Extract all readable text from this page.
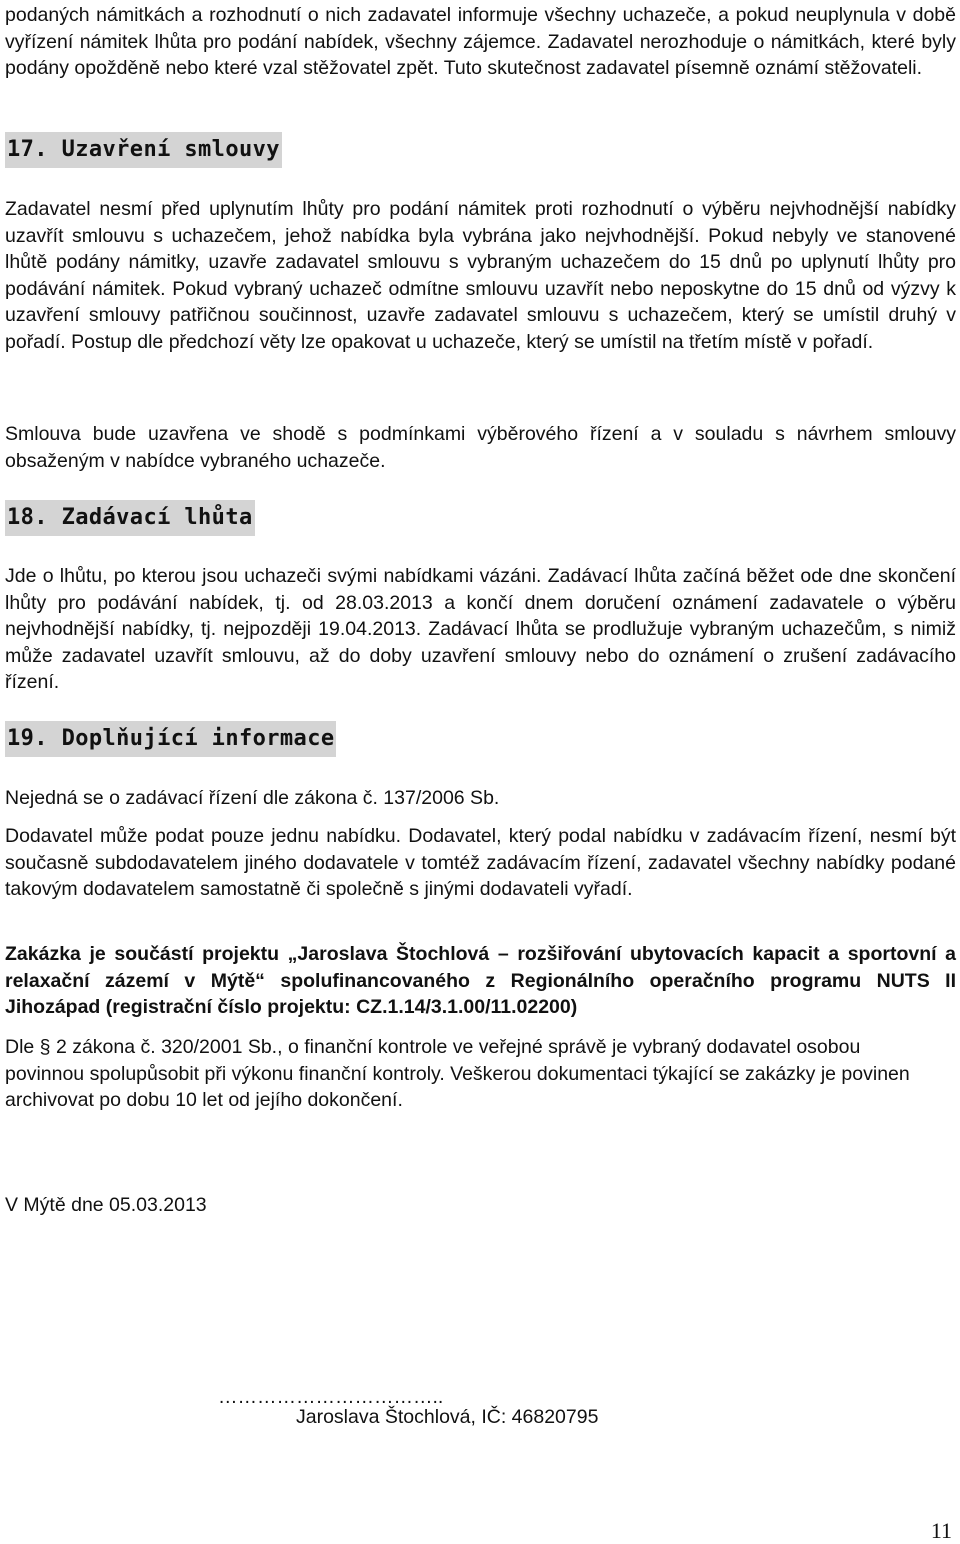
podaných námitkách a rozhodnutí o nich zadavatel informuje všechny uchazeče, a pokud neuplynula v době vyřízení námitek lhůta pro podání nabídek, všechny zájemce. Zadavatel nerozhoduje o námitkách, které byly podány opožděně nebo které vzal stěžovatel zpět. Tuto skutečnost zadavatel písemně oznámí stěžovateli.

17. Uzavření smlouvy

Zadavatel nesmí před uplynutím lhůty pro podání námitek proti rozhodnutí o výběru nejvhodnější nabídky uzavřít smlouvu s uchazečem, jehož nabídka byla vybrána jako nejvhodnější. Pokud nebyly ve stanovené lhůtě podány námitky, uzavře zadavatel smlouvu s vybraným uchazečem do 15 dnů po uplynutí lhůty pro podávání námitek. Pokud vybraný uchazeč odmítne smlouvu uzavřít nebo neposkytne do 15 dnů od výzvy k uzavření smlouvy patřičnou součinnost, uzavře zadavatel smlouvu s uchazečem, který se umístil druhý v pořadí. Postup dle předchozí věty lze opakovat u uchazeče, který se umístil na třetím místě v pořadí.

Smlouva bude uzavřena ve shodě s podmínkami výběrového řízení a v souladu s návrhem smlouvy obsaženým v nabídce vybraného uchazeče.

18. Zadávací lhůta

Jde o lhůtu, po kterou jsou uchazeči svými nabídkami vázáni. Zadávací lhůta začíná běžet ode dne skončení lhůty pro podávání nabídek, tj. od 28.03.2013 a končí dnem doručení oznámení zadavatele o výběru nejvhodnější nabídky, tj. nejpozději 19.04.2013. Zadávací lhůta se prodlužuje vybraným uchazečům, s nimiž může zadavatel uzavřít smlouvu, až do doby uzavření smlouvy nebo do oznámení o zrušení zadávacího řízení.

19. Doplňující informace

Nejedná se o zadávací řízení dle zákona č. 137/2006 Sb.

Dodavatel může podat pouze jednu nabídku. Dodavatel, který podal nabídku v zadávacím řízení, nesmí být současně subdodavatelem jiného dodavatele v tomtéž zadávacím řízení, zadavatel všechny nabídky podané takovým dodavatelem samostatně či společně s jinými dodavateli vyřadí.

Zakázka je součástí projektu „Jaroslava Štochlová – rozšiřování ubytovacích kapacit a sportovní a relaxační zázemí v Mýtě“ spolufinancovaného z Regionálního operačního programu NUTS II Jihozápad (registrační číslo projektu: CZ.1.14/3.1.00/11.02200)

Dle § 2 zákona č. 320/2001 Sb., o finanční kontrole ve veřejné správě je vybraný dodavatel osobou povinnou spolupůsobit při výkonu finanční kontroly. Veškerou dokumentaci týkající se zakázky je povinen archivovat po dobu 10 let od jejího dokončení.

V Mýtě dne 05.03.2013

……………………………..
Jaroslava Štochlová, IČ: 46820795
11
